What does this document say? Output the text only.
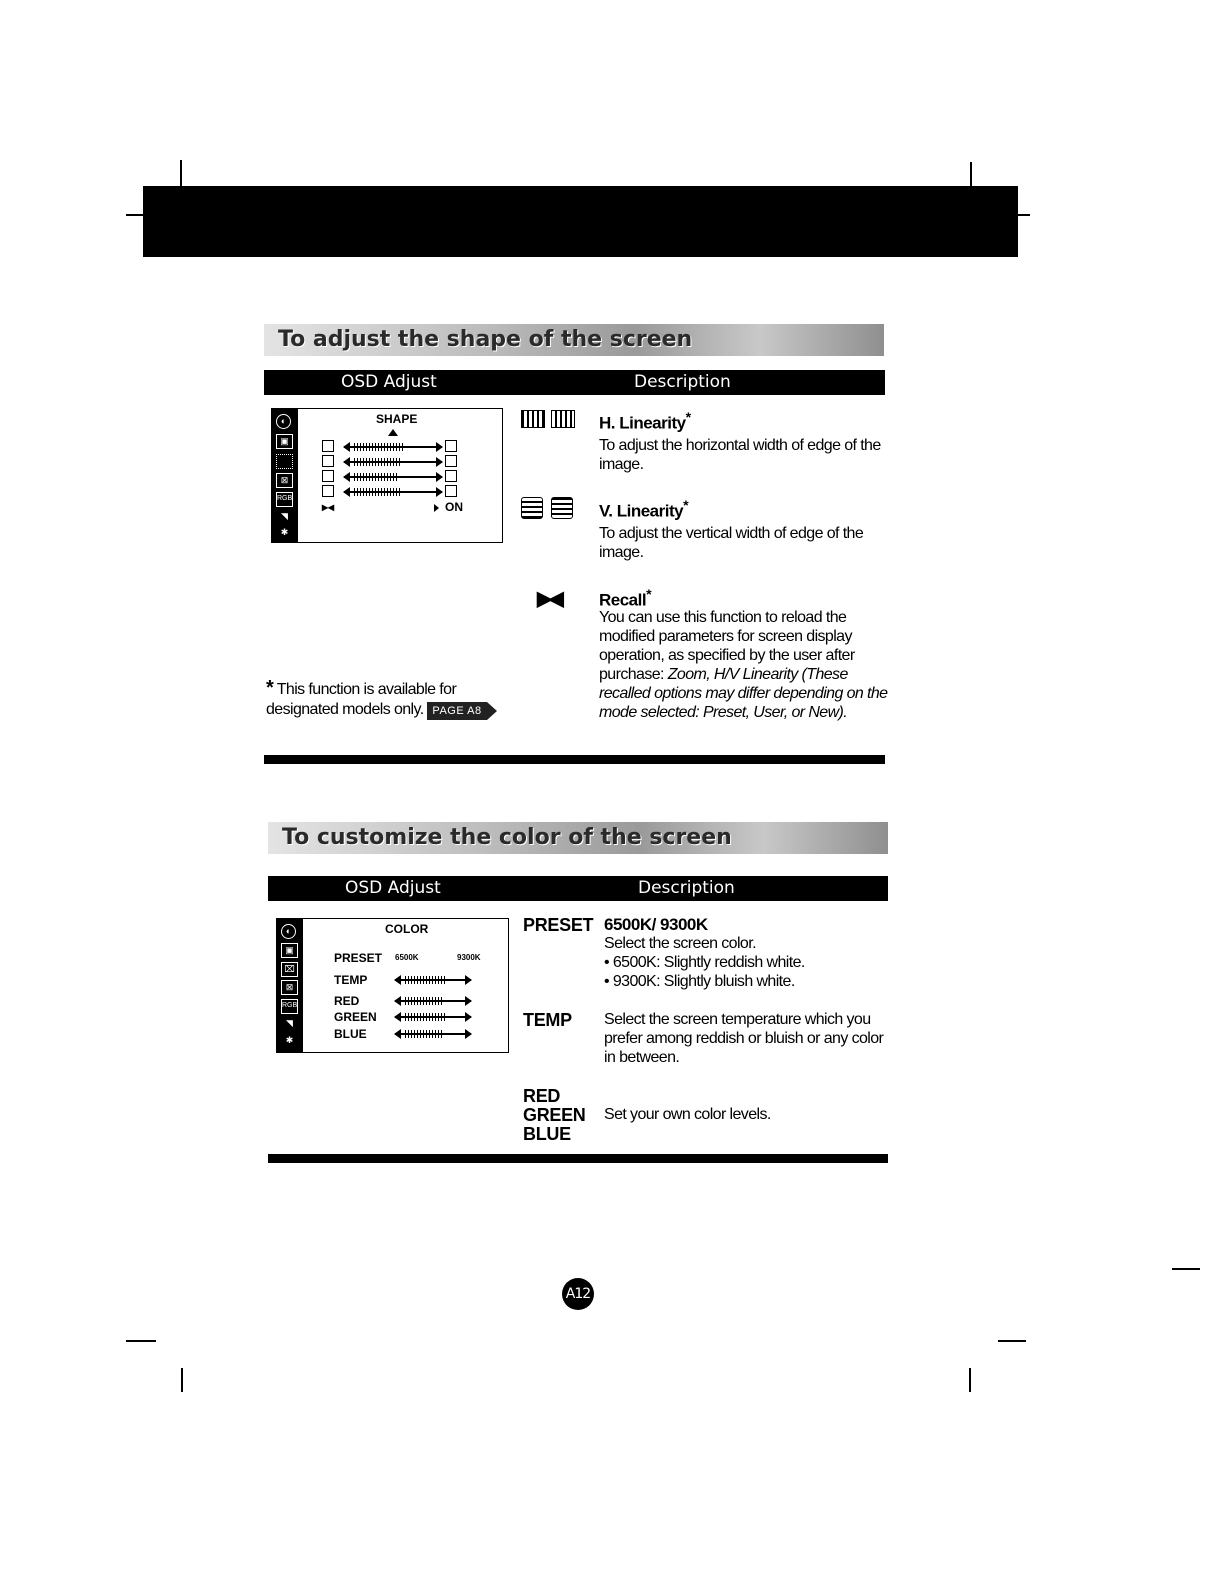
To adjust the shape of the screen
OSD Adjust	Description
◐
▣
⊠
RGB
◥
✱
SHAPE
▸◂	ON
▶◀
H. Linearity*
To adjust the horizontal width of edge of the image.
V. Linearity*
To adjust the vertical width of edge of the image.
Recall*
You can use this function to reload the modified parameters for screen display operation, as specified by the user after purchase: Zoom, H/V Linearity (These recalled options may differ depending on the mode selected: Preset, User, or New).
* This function is available for designated models only. PAGE A8
To customize the color of the screen
OSD Adjust	Description
◐
▣
⌧
⊠
RGB
◥
✱
COLOR
PRESET 6500K	9300K
TEMP
RED
GREEN
BLUE
PRESET 6500K/ 9300K
Select the screen color.
• 6500K: Slightly reddish white.
• 9300K: Slightly bluish white.
TEMP Select the screen temperature which you prefer among reddish or bluish or any color in between.
RED
GREEN
BLUE
Set your own color levels.
A12
